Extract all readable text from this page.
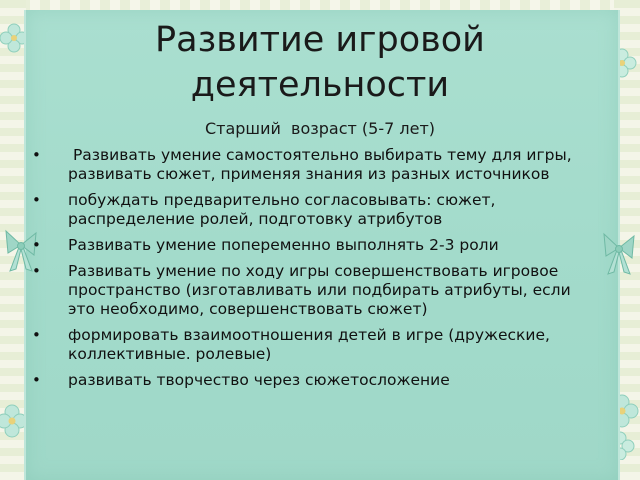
Развитие игровой деятельности
Старший  возраст (5-7 лет)
• Развивать умение самостоятельно выбирать тему для игры, развивать сюжет, применяя знания из разных источников
• побуждать предварительно согласовывать: сюжет, распределение ролей, подготовку атрибутов
• Развивать умение попеременно выполнять 2-3 роли
• Развивать умение по ходу игры совершенствовать игровое пространство (изготавливать или подбирать атрибуты, если это необходимо, совершенствовать сюжет)
• формировать взаимоотношения детей в игре (дружеские, коллективные. ролевые)
• развивать творчество через сюжетосложение
